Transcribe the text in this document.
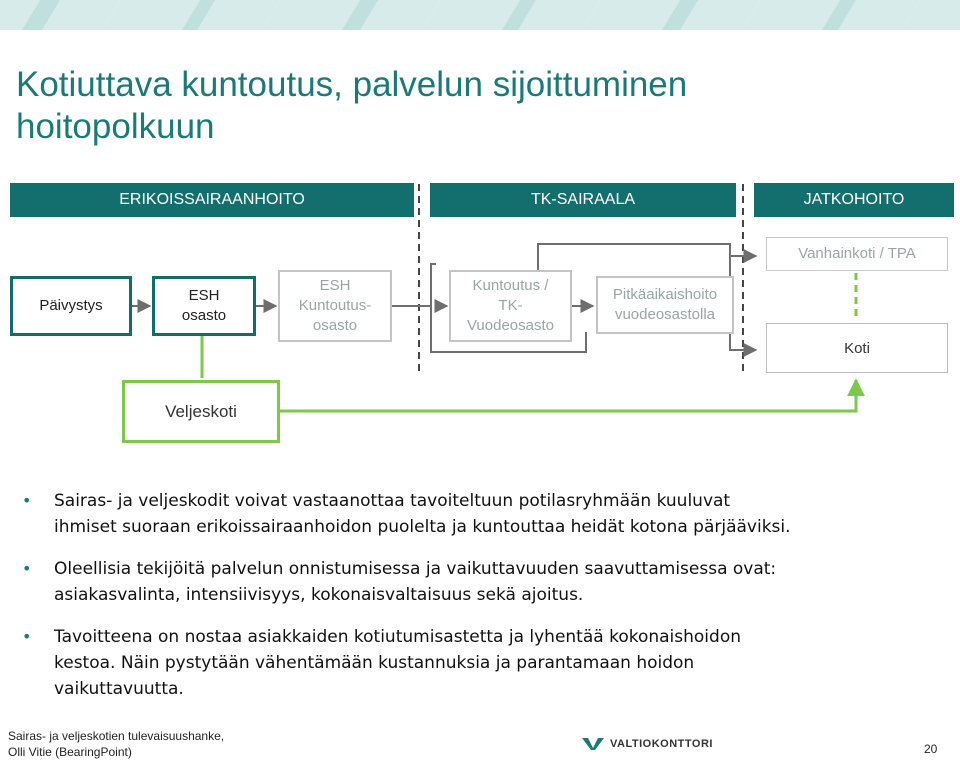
Kotiuttava kuntoutus, palvelun sijoittuminen hoitopolkuun
ERIKOISSAIRAANHOITO	TK-SAIRAALA	JATKOHOITO
Päivystys
ESH
osasto
ESH
Kuntoutus-
osasto
Kuntoutus /
TK-
Vuodeosasto
Pitkäaikaishoito
vuodeosastolla
Vanhainkoti / TPA
Koti
Veljeskoti
• Sairas- ja veljeskodit voivat vastaanottaa tavoiteltuun potilasryhmään kuuluvat
ihmiset suoraan erikoissairaanhoidon puolelta ja kuntouttaa heidät kotona pärjääviksi.
• Oleellisia tekijöitä palvelun onnistumisessa ja vaikuttavuuden saavuttamisessa ovat:
asiakasvalinta, intensiivisyys, kokonaisvaltaisuus sekä ajoitus.
• Tavoitteena on nostaa asiakkaiden kotiutumisastetta ja lyhentää kokonaishoidon
kestoa. Näin pystytään vähentämään kustannuksia ja parantamaan hoidon
vaikuttavuutta.
Sairas- ja veljeskotien tulevaisuushanke,
Olli Vitie (BearingPoint)
VALTIOKONTTORI	20
